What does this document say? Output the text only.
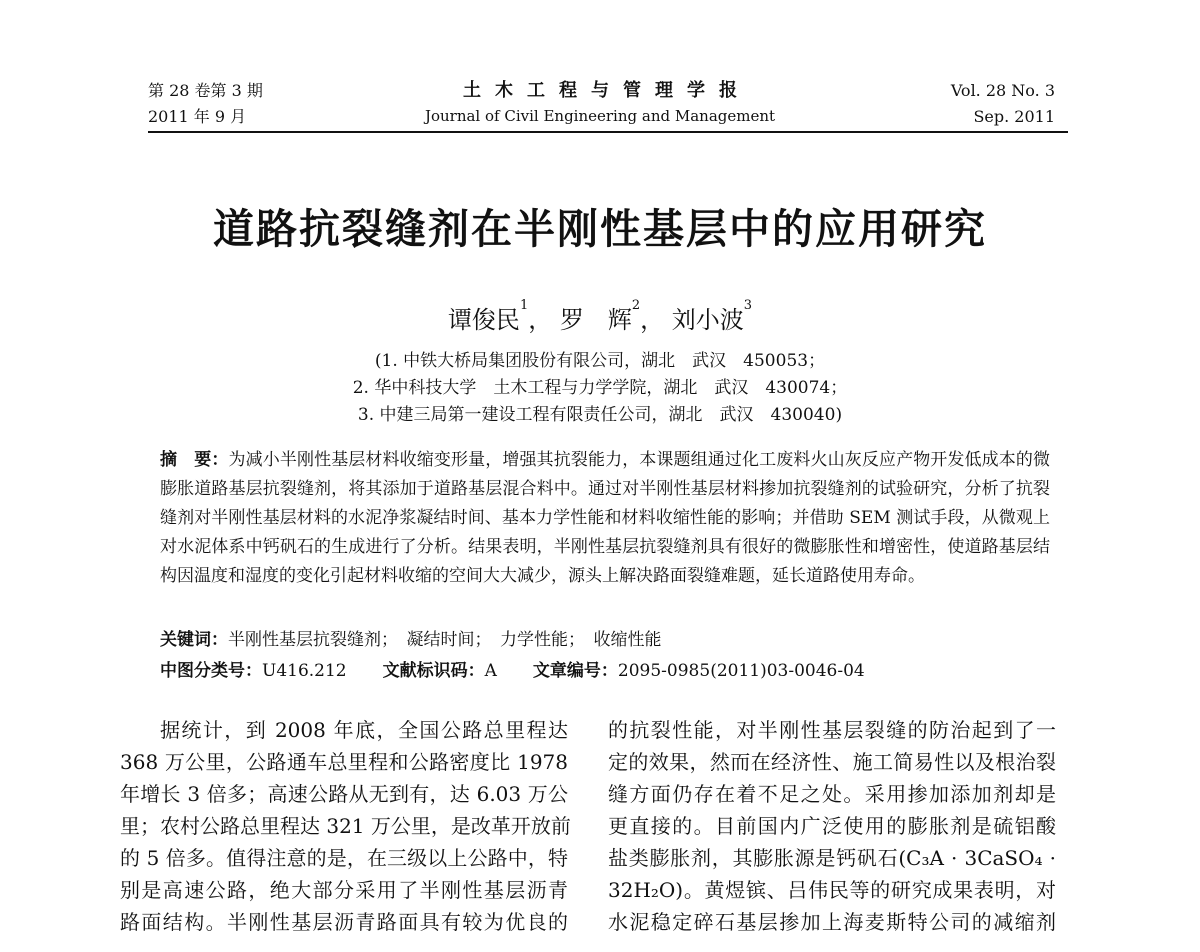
第 28 卷第 3 期
2011 年 9 月
土木工程与管理学报
Journal of Civil Engineering and Management
Vol. 28 No. 3
Sep. 2011
道路抗裂缝剂在半刚性基层中的应用研究
谭俊民$^1$， 罗　辉$^2$， 刘小波$^3$
(1. 中铁大桥局集团股份有限公司，湖北　武汉　450053；
2. 华中科技大学　土木工程与力学学院，湖北　武汉　430074；
3. 中建三局第一建设工程有限责任公司，湖北　武汉　430040)
摘　要：为减小半刚性基层材料收缩变形量，增强其抗裂能力，本课题组通过化工废料火山灰反应产物开发低成本的微膨胀道路基层抗裂缝剂，将其添加于道路基层混合料中。通过对半刚性基层材料掺加抗裂缝剂的试验研究，分析了抗裂缝剂对半刚性基层材料的水泥净浆凝结时间、基本力学性能和材料收缩性能的影响；并借助 SEM 测试手段，从微观上对水泥体系中钙矾石的生成进行了分析。结果表明，半刚性基层抗裂缝剂具有很好的微膨胀性和增密性，使道路基层结构因温度和湿度的变化引起材料收缩的空间大大减少，源头上解决路面裂缝难题，延长道路使用寿命。
关键词：半刚性基层抗裂缝剂；　凝结时间；　力学性能；　收缩性能
中图分类号：U416.212 文献标识码：A 文章编号：2095-0985(2011)03-0046-04
据统计，到 2008 年底，全国公路总里程达
368 万公里，公路通车总里程和公路密度比 1978
年增长 3 倍多；高速公路从无到有，达 6.03 万公
里；农村公路总里程达 321 万公里，是改革开放前
的 5 倍多。值得注意的是，在三级以上公路中，特
别是高速公路，绝大部分采用了半刚性基层沥青
路面结构。半刚性基层沥青路面具有较为优良的
的抗裂性能，对半刚性基层裂缝的防治起到了一
定的效果，然而在经济性、施工简易性以及根治裂
缝方面仍存在着不足之处。采用掺加添加剂却是
更直接的。目前国内广泛使用的膨胀剂是硫铝酸
盐类膨胀剂，其膨胀源是钙矾石(C₃A · 3CaSO₄ ·
32H₂O)。黄煜镔、吕伟民等的研究成果表明，对
水泥稳定碎石基层掺加上海麦斯特公司的减缩剂
